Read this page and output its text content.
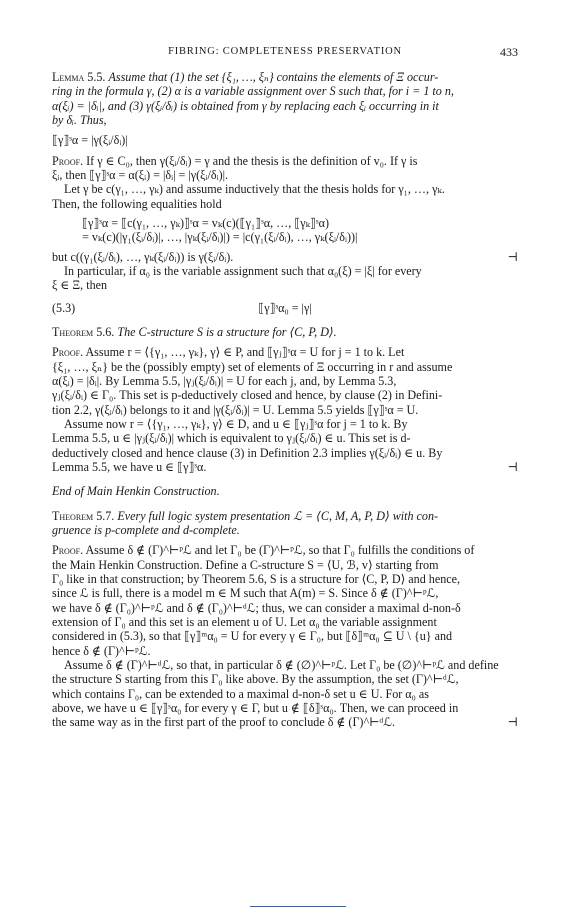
FIBRING: COMPLETENESS PRESERVATION	433

Lemma 5.5. Assume that (1) the set {ξ₁, …, ξₙ} contains the elements of Ξ occur-

ring in the formula γ, (2) α is a variable assignment over S such that, for i = 1 to n,

α(ξᵢ) = |δᵢ|, and (3) γ(ξᵢ/δᵢ) is obtained from γ by replacing each ξᵢ occurring in it

by δᵢ. Thus,

⟦γ⟧ˢα = |γ(ξᵢ/δᵢ)|

Proof. If γ ∈ C₀, then γ(ξᵢ/δᵢ) = γ and the thesis is the definition of v₀. If γ is

ξᵢ, then ⟦γ⟧ˢα = α(ξᵢ) = |δᵢ| = |γ(ξᵢ/δᵢ)|.

Let γ be c(γ₁, …, γₖ) and assume inductively that the thesis holds for γ₁, …, γₖ.

Then, the following equalities hold

⟦γ⟧ˢα = ⟦c(γ₁, …, γₖ)⟧ˢα = vₖ(c)(⟦γ₁⟧ˢα, …, ⟦γₖ⟧ˢα)

= vₖ(c)(|γ₁(ξᵢ/δᵢ)|, …, |γₖ(ξᵢ/δᵢ)|) = |c(γ₁(ξᵢ/δᵢ), …, γₖ(ξᵢ/δᵢ))|

but c((γ₁(ξᵢ/δᵢ), …, γₖ(ξᵢ/δᵢ)) is γ(ξᵢ/δᵢ).	⊣

In particular, if α₀ is the variable assignment such that α₀(ξ) = |ξ| for every

ξ ∈ Ξ, then

(5.3)	⟦γ⟧ˢα₀ = |γ|

Theorem 5.6. The C-structure S is a structure for ⟨C, P, D⟩.

Proof. Assume r = ⟨{γ₁, …, γₖ}, γ⟩ ∈ P, and ⟦γⱼ⟧ˢα = U for j = 1 to k. Let

{ξ₁, …, ξₙ} be the (possibly empty) set of elements of Ξ occurring in r and assume

α(ξᵢ) = |δᵢ|. By Lemma 5.5, |γⱼ(ξᵢ/δᵢ)| = U for each j, and, by Lemma 5.3,

γⱼ(ξᵢ/δᵢ) ∈ Γ₀. This set is p-deductively closed and hence, by clause (2) in Defini-

tion 2.2, γ(ξᵢ/δᵢ) belongs to it and |γ(ξᵢ/δᵢ)| = U. Lemma 5.5 yields ⟦γ⟧ˢα = U.

Assume now r = ⟨{γ₁, …, γₖ}, γ⟩ ∈ D, and u ∈ ⟦γⱼ⟧ˢα for j = 1 to k. By

Lemma 5.5, u ∈ |γⱼ(ξᵢ/δᵢ)| which is equivalent to γⱼ(ξᵢ/δᵢ) ∈ u. This set is d-

deductively closed and hence clause (3) in Definition 2.3 implies γ(ξᵢ/δᵢ) ∈ u. By

Lemma 5.5, we have u ∈ ⟦γ⟧ˢα.	⊣

End of Main Henkin Construction.

Theorem 5.7. Every full logic system presentation ℒ = ⟨C, M, A, P, D⟩ with con-

gruence is p-complete and d-complete.

Proof. Assume δ ∉ (Γ)^⊢ᵖℒ and let Γ₀ be (Γ)^⊢ᵖℒ, so that Γ₀ fulfills the conditions of

the Main Henkin Construction. Define a C-structure S = ⟨U, ℬ, v⟩ starting from

Γ₀ like in that construction; by Theorem 5.6, S is a structure for ⟨C, P, D⟩ and hence,

since ℒ is full, there is a model m ∈ M such that A(m) = S. Since δ ∉ (Γ)^⊢ᵖℒ,

we have δ ∉ (Γ₀)^⊢ᵖℒ and δ ∉ (Γ₀)^⊢ᵈℒ; thus, we can consider a maximal d-non-δ

extension of Γ₀ and this set is an element u of U. Let α₀ the variable assignment

considered in (5.3), so that ⟦γ⟧ᵐα₀ = U for every γ ∈ Γ₀, but ⟦δ⟧ᵐα₀ ⊆ U \ {u} and

hence δ ∉ (Γ)^⊢ᵖℒ.

Assume δ ∉ (Γ)^⊢ᵈℒ, so that, in particular δ ∉ (∅)^⊢ᵖℒ. Let Γ₀ be (∅)^⊢ᵖℒ and define

the structure S starting from this Γ₀ like above. By the assumption, the set (Γ)^⊢ᵈℒ,

which contains Γ₀, can be extended to a maximal d-non-δ set u ∈ U. For α₀ as

above, we have u ∈ ⟦γ⟧ˢα₀ for every γ ∈ Γ, but u ∉ ⟦δ⟧ˢα₀. Then, we can proceed in

the same way as in the first part of the proof to conclude δ ∉ (Γ)^⊢ᵈℒ.	⊣
